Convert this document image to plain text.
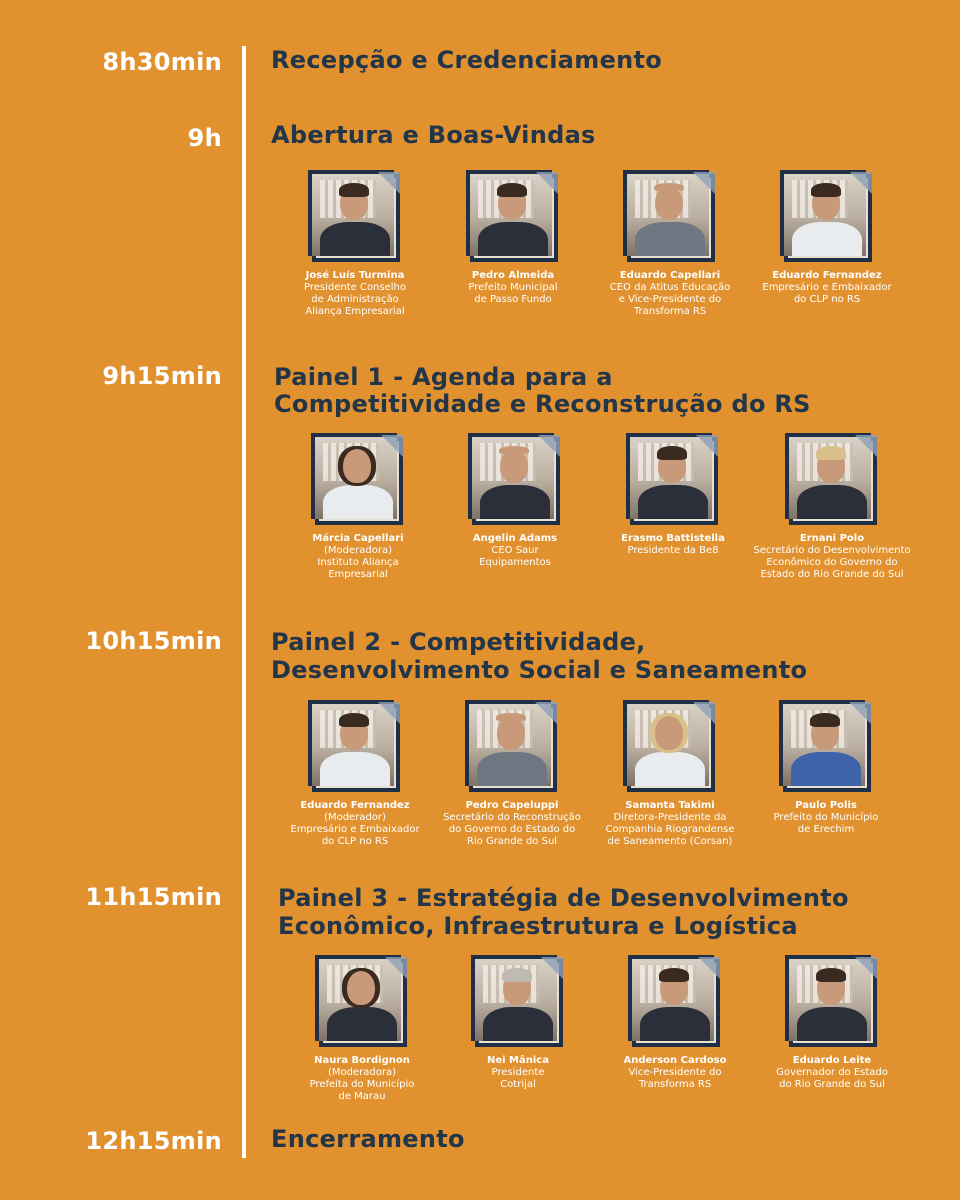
8h30min Recepção e Credenciamento
9h Abertura e Boas-Vindas
José Luís Turmina
Presidente Conselho
de Administração
Aliança Empresarial
Pedro Almeida
Prefeito Municipal
de Passo Fundo
Eduardo Capellari
CEO da Atitus Educação
e Vice-Presidente do
Transforma RS
Eduardo Fernandez
Empresário e Embaixador
do CLP no RS
9h15min Painel 1 - Agenda para a
Competitividade e Reconstrução do RS
Márcia Capellari
(Moderadora)
Instituto Aliança
Empresarial
Angelin Adams
CEO Saur
Equipamentos
Erasmo Battistella
Presidente da Be8
Ernani Polo
Secretário do Desenvolvimento
Econômico do Governo do
Estado do Rio Grande do Sul
10h15min Painel 2 - Competitividade,
Desenvolvimento Social e Saneamento
Eduardo Fernandez
(Moderador)
Empresário e Embaixador
do CLP no RS
Pedro Capeluppi
Secretário do Reconstrução
do Governo do Estado do
Rio Grande do Sul
Samanta Takimi
Diretora-Presidente da
Companhia Riograndense
de Saneamento (Corsan)
Paulo Polis
Prefeito do Município
de Erechim
11h15min Painel 3 - Estratégia de Desenvolvimento
Econômico, Infraestrutura e Logística
Naura Bordignon
(Moderadora)
Prefeita do Município
de Marau
Nei Mânica
Presidente
Cotrijal
Anderson Cardoso
Vice-Presidente do
Transforma RS
Eduardo Leite
Governador do Estado
do Rio Grande do Sul
12h15min Encerramento
